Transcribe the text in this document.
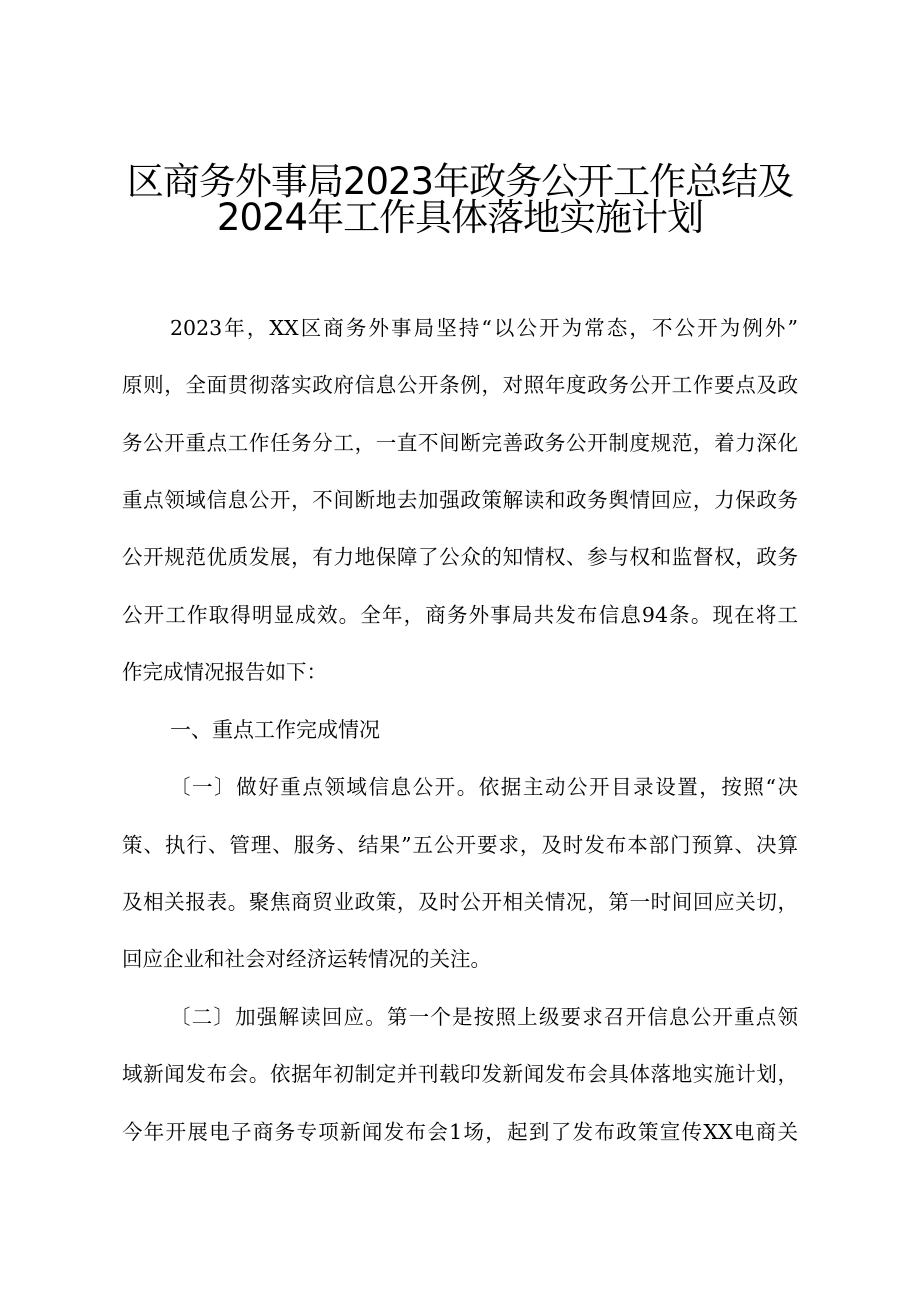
区商务外事局2023年政务公开工作总结及
2024年工作具体落地实施计划
2023年，XX区商务外事局坚持“以公开为常态，不公开为例外”
原则，全面贯彻落实政府信息公开条例，对照年度政务公开工作要点及政
务公开重点工作任务分工，一直不间断完善政务公开制度规范，着力深化
重点领域信息公开，不间断地去加强政策解读和政务舆情回应，力保政务
公开规范优质发展，有力地保障了公众的知情权、参与权和监督权，政务
公开工作取得明显成效。全年，商务外事局共发布信息94条。现在将工
作完成情况报告如下：
一、重点工作完成情况
〔一〕做好重点领域信息公开。依据主动公开目录设置，按照“决
策、执行、管理、服务、结果”五公开要求，及时发布本部门预算、决算
及相关报表。聚焦商贸业政策，及时公开相关情况，第一时间回应关切，
回应企业和社会对经济运转情况的关注。
〔二〕加强解读回应。第一个是按照上级要求召开信息公开重点领
域新闻发布会。依据年初制定并刊载印发新闻发布会具体落地实施计划，
今年开展电子商务专项新闻发布会1场，起到了发布政策宣传XX电商关
